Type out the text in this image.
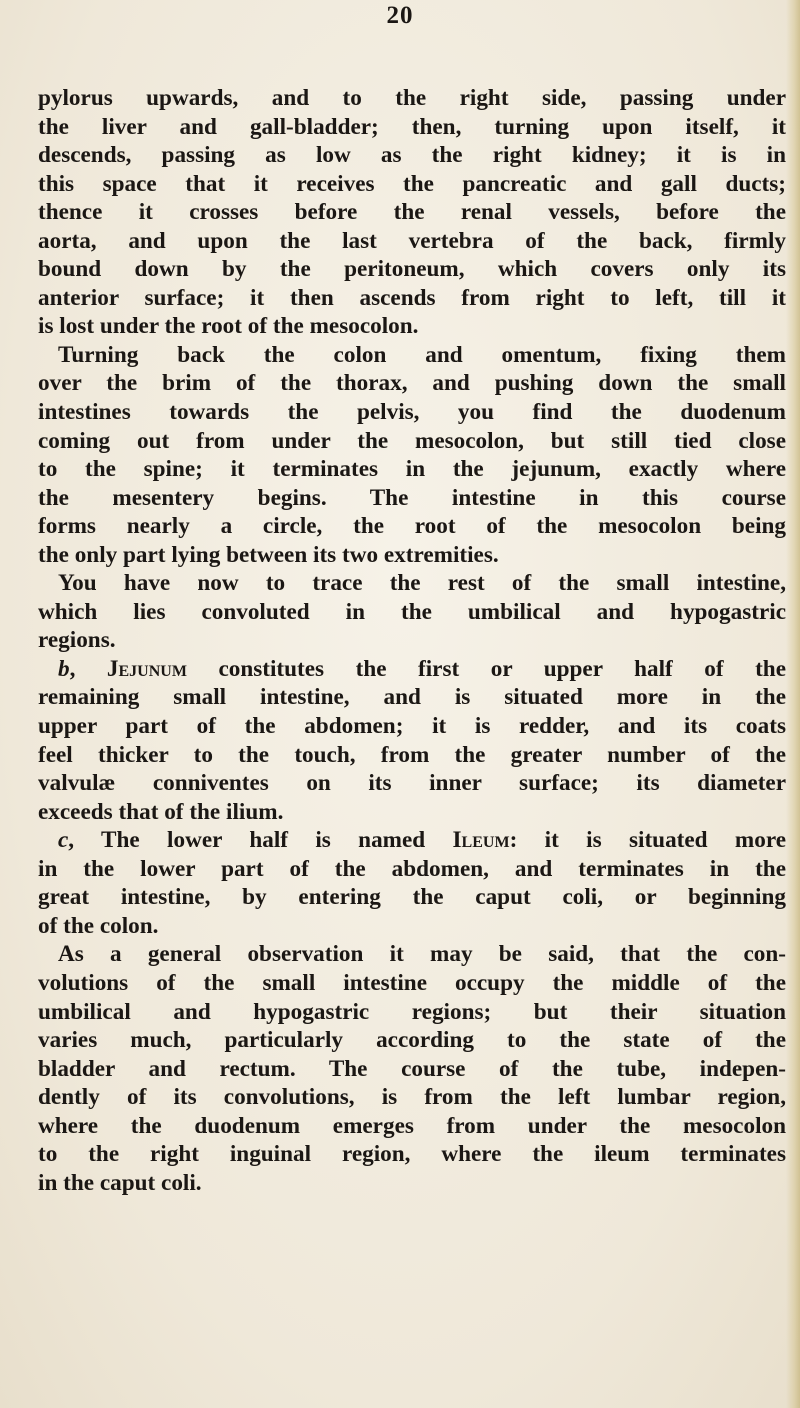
20
pylorus upwards, and to the right side, passing under
the liver and gall-bladder; then, turning upon itself, it
descends, passing as low as the right kidney; it is in
this space that it receives the pancreatic and gall ducts;
thence it crosses before the renal vessels, before the
aorta, and upon the last vertebra of the back, firmly
bound down by the peritoneum, which covers only its
anterior surface; it then ascends from right to left, till it
is lost under the root of the mesocolon.
Turning back the colon and omentum, fixing them
over the brim of the thorax, and pushing down the small
intestines towards the pelvis, you find the duodenum
coming out from under the mesocolon, but still tied close
to the spine; it terminates in the jejunum, exactly where
the mesentery begins. The intestine in this course
forms nearly a circle, the root of the mesocolon being
the only part lying between its two extremities.
You have now to trace the rest of the small intestine,
which lies convoluted in the umbilical and hypogastric
regions.
b, Jejunum constitutes the first or upper half of the
remaining small intestine, and is situated more in the
upper part of the abdomen; it is redder, and its coats
feel thicker to the touch, from the greater number of the
valvulæ conniventes on its inner surface; its diameter
exceeds that of the ilium.
c, The lower half is named Ileum: it is situated more
in the lower part of the abdomen, and terminates in the
great intestine, by entering the caput coli, or beginning
of the colon.
As a general observation it may be said, that the con-
volutions of the small intestine occupy the middle of the
umbilical and hypogastric regions; but their situation
varies much, particularly according to the state of the
bladder and rectum. The course of the tube, indepen-
dently of its convolutions, is from the left lumbar region,
where the duodenum emerges from under the mesocolon
to the right inguinal region, where the ileum terminates
in the caput coli.
